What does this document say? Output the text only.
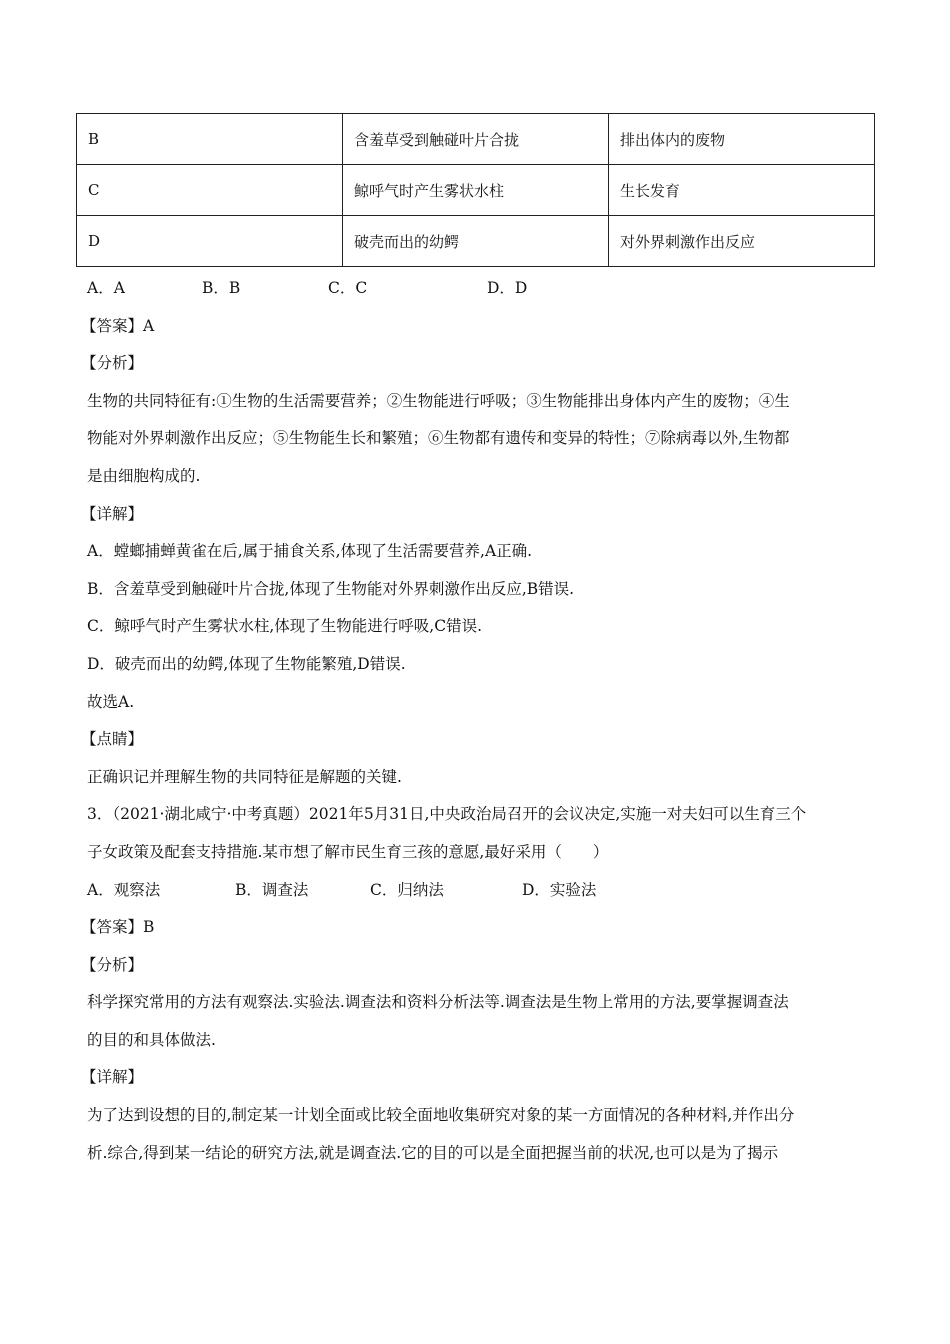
B	含羞草受到触碰叶片合拢	排出体内的废物
C	鲸呼气时产生雾状水柱	生长发育
D	破壳而出的幼鳄	对外界刺激作出反应
A．A	B．B	C．C	D．D
【答案】A
【分析】
生物的共同特征有:①生物的生活需要营养；②生物能进行呼吸；③生物能排出身体内产生的废物；④生
物能对外界刺激作出反应；⑤生物能生长和繁殖；⑥生物都有遗传和变异的特性；⑦除病毒以外,生物都
是由细胞构成的.
【详解】
A．螳螂捕蝉黄雀在后,属于捕食关系,体现了生活需要营养,A正确.
B．含羞草受到触碰叶片合拢,体现了生物能对外界刺激作出反应,B错误.
C．鲸呼气时产生雾状水柱,体现了生物能进行呼吸,C错误.
D．破壳而出的幼鳄,体现了生物能繁殖,D错误.
故选A.
【点睛】
正确识记并理解生物的共同特征是解题的关键.
3．（2021·湖北咸宁·中考真题）2021年5月31日,中央政治局召开的会议决定,实施一对夫妇可以生育三个
子女政策及配套支持措施.某市想了解市民生育三孩的意愿,最好采用（　　）
A．观察法	B．调查法	C．归纳法	D．实验法
【答案】B
【分析】
科学探究常用的方法有观察法.实验法.调查法和资料分析法等.调查法是生物上常用的方法,要掌握调查法
的目的和具体做法.
【详解】
为了达到设想的目的,制定某一计划全面或比较全面地收集研究对象的某一方面情况的各种材料,并作出分
析.综合,得到某一结论的研究方法,就是调查法.它的目的可以是全面把握当前的状况,也可以是为了揭示
